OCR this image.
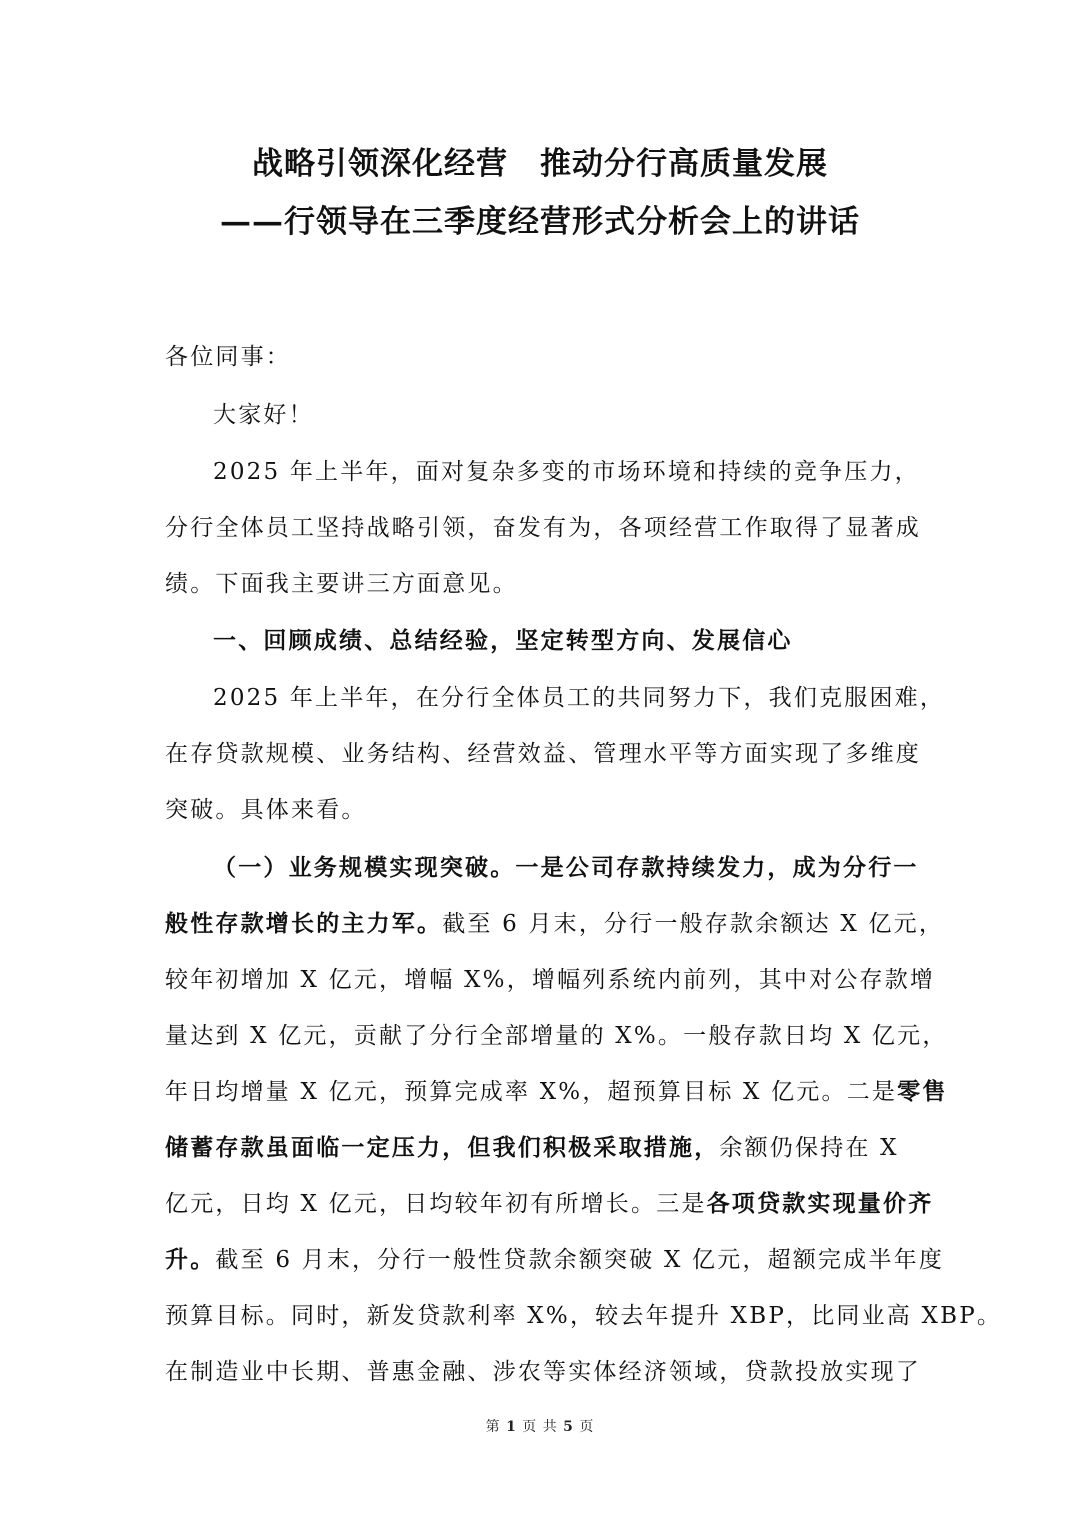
战略引领深化经营　推动分行高质量发展
——行领导在三季度经营形式分析会上的讲话
各位同事：
大家好！
2025 年上半年，面对复杂多变的市场环境和持续的竞争压力，
分行全体员工坚持战略引领，奋发有为，各项经营工作取得了显著成
绩。下面我主要讲三方面意见。
一、回顾成绩、总结经验，坚定转型方向、发展信心
2025 年上半年，在分行全体员工的共同努力下，我们克服困难，
在存贷款规模、业务结构、经营效益、管理水平等方面实现了多维度
突破。具体来看。
（一）业务规模实现突破。一是公司存款持续发力，成为分行一
般性存款增长的主力军。截至 6 月末，分行一般存款余额达 X 亿元，
较年初增加 X 亿元，增幅 X%，增幅列系统内前列，其中对公存款增
量达到 X 亿元，贡献了分行全部增量的 X%。一般存款日均 X 亿元，
年日均增量 X 亿元，预算完成率 X%，超预算目标 X 亿元。二是零售
储蓄存款虽面临一定压力，但我们积极采取措施，余额仍保持在 X
亿元，日均 X 亿元，日均较年初有所增长。三是各项贷款实现量价齐
升。截至 6 月末，分行一般性贷款余额突破 X 亿元，超额完成半年度
预算目标。同时，新发贷款利率 X%，较去年提升 XBP，比同业高 XBP。
在制造业中长期、普惠金融、涉农等实体经济领域，贷款投放实现了
第 1 页 共 5 页
